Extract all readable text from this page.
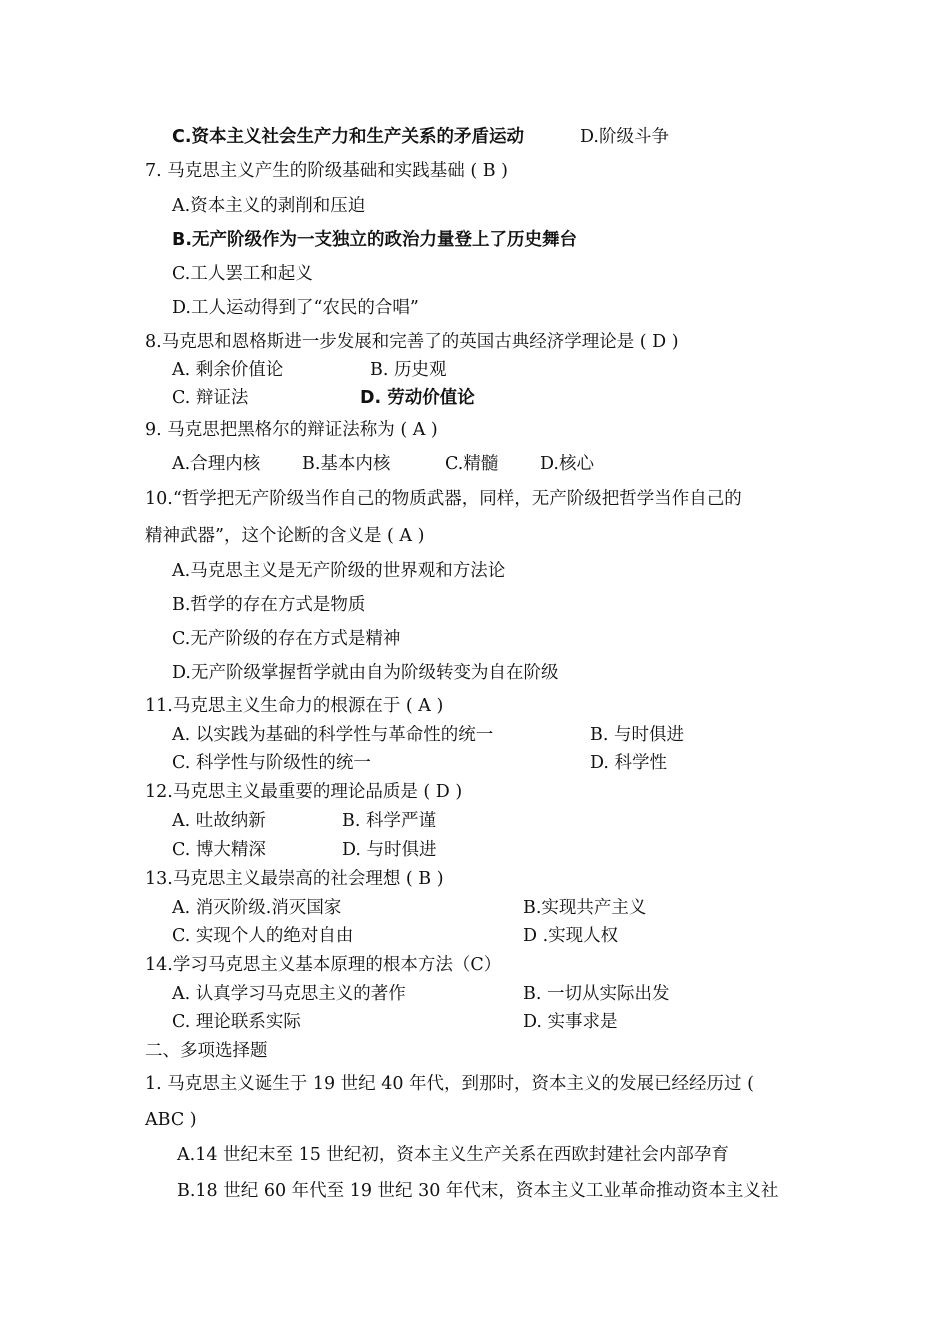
C.资本主义社会生产力和生产关系的矛盾运动	D.阶级斗争
7. 马克思主义产生的阶级基础和实践基础 ( B )
A.资本主义的剥削和压迫
B.无产阶级作为一支独立的政治力量登上了历史舞台
C.工人罢工和起义
D.工人运动得到了“农民的合唱”
8.马克思和恩格斯进一步发展和完善了的英国古典经济学理论是 ( D )
A. 剩余价值论	B. 历史观
C. 辩证法	D. 劳动价值论
9. 马克思把黑格尔的辩证法称为 ( A )
A.合理内核 B.基本内核	C.精髓 D.核心
10.“哲学把无产阶级当作自己的物质武器，同样，无产阶级把哲学当作自己的
精神武器”，这个论断的含义是 ( A )
A.马克思主义是无产阶级的世界观和方法论
B.哲学的存在方式是物质
C.无产阶级的存在方式是精神
D.无产阶级掌握哲学就由自为阶级转变为自在阶级
11.马克思主义生命力的根源在于 ( A )
A. 以实践为基础的科学性与革命性的统一	B. 与时俱进
C. 科学性与阶级性的统一	D. 科学性
12.马克思主义最重要的理论品质是 ( D )
A. 吐故纳新	B. 科学严谨
C. 博大精深	D. 与时俱进
13.马克思主义最崇高的社会理想 ( B )
A. 消灭阶级.消灭国家	B.实现共产主义
C. 实现个人的绝对自由	D .实现人权
14.学习马克思主义基本原理的根本方法（C）
A. 认真学习马克思主义的著作	B. 一切从实际出发
C. 理论联系实际	D. 实事求是
二、多项选择题
1. 马克思主义诞生于 19 世纪 40 年代，到那时，资本主义的发展已经经历过 (
ABC )
A.14 世纪末至 15 世纪初，资本主义生产关系在西欧封建社会内部孕育
B.18 世纪 60 年代至 19 世纪 30 年代末，资本主义工业革命推动资本主义社
